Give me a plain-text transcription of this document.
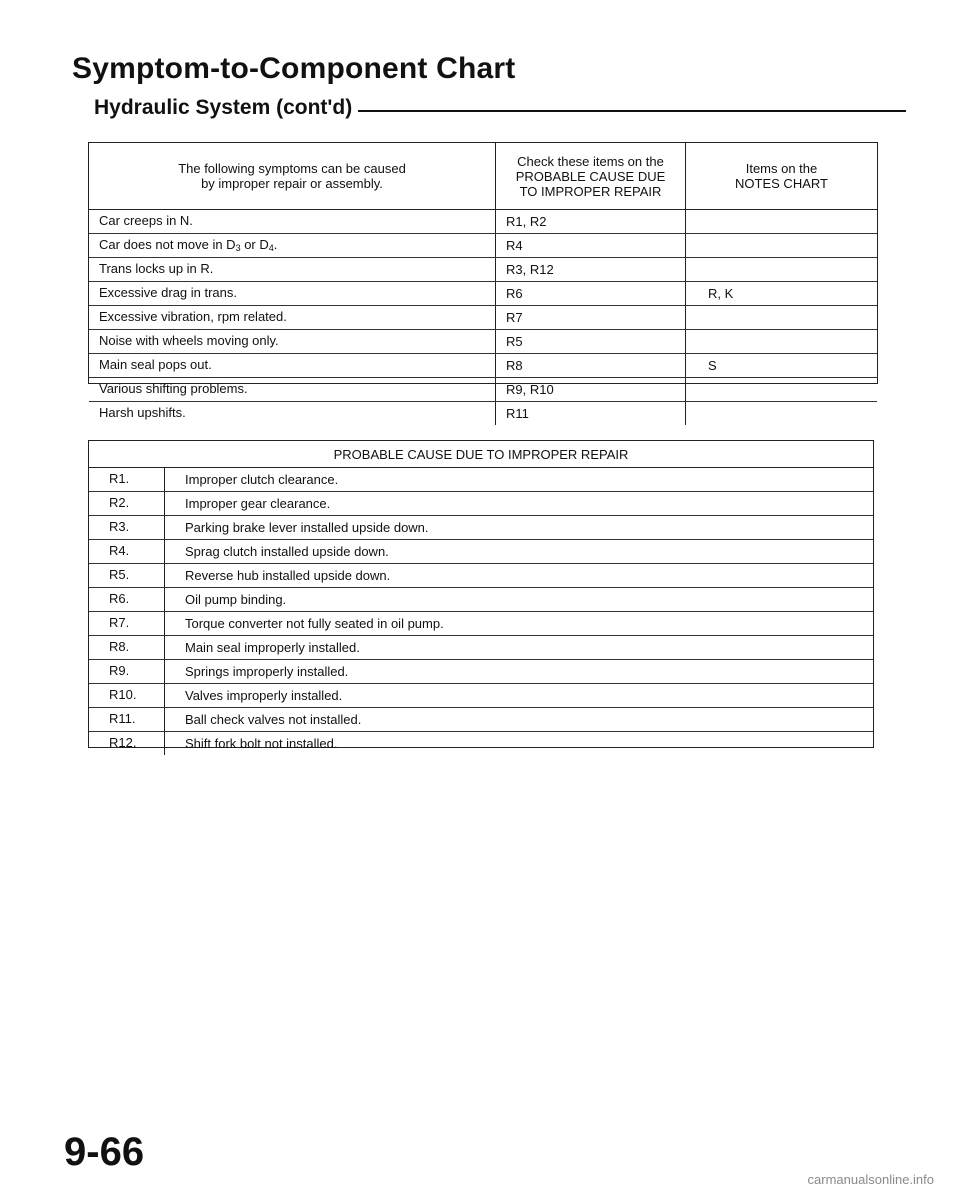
Symptom-to-Component Chart
Hydraulic System (cont'd)
The following symptoms can be caused
by improper repair or assembly.
Check these items on the
PROBABLE CAUSE DUE
TO IMPROPER REPAIR
Items on the
NOTES CHART
Car creeps in N.	R1, R2
Car does not move in $D_3$ or $D_4$.	R4
Trans locks up in R.	R3, R12
Excessive drag in trans.	R6	R, K
Excessive vibration, rpm related.	R7
Noise with wheels moving only.	R5
Main seal pops out.	R8	S
Various shifting problems.	R9, R10
Harsh upshifts.	R11
PROBABLE CAUSE DUE TO IMPROPER REPAIR
R1.	Improper clutch clearance.
R2.	Improper gear clearance.
R3.	Parking brake lever installed upside down.
R4.	Sprag clutch installed upside down.
R5.	Reverse hub installed upside down.
R6.	Oil pump binding.
R7.	Torque converter not fully seated in oil pump.
R8.	Main seal improperly installed.
R9.	Springs improperly installed.
R10.	Valves improperly installed.
R11.	Ball check valves not installed.
R12.	Shift fork bolt not installed.
9-66
carmanualsonline.info
